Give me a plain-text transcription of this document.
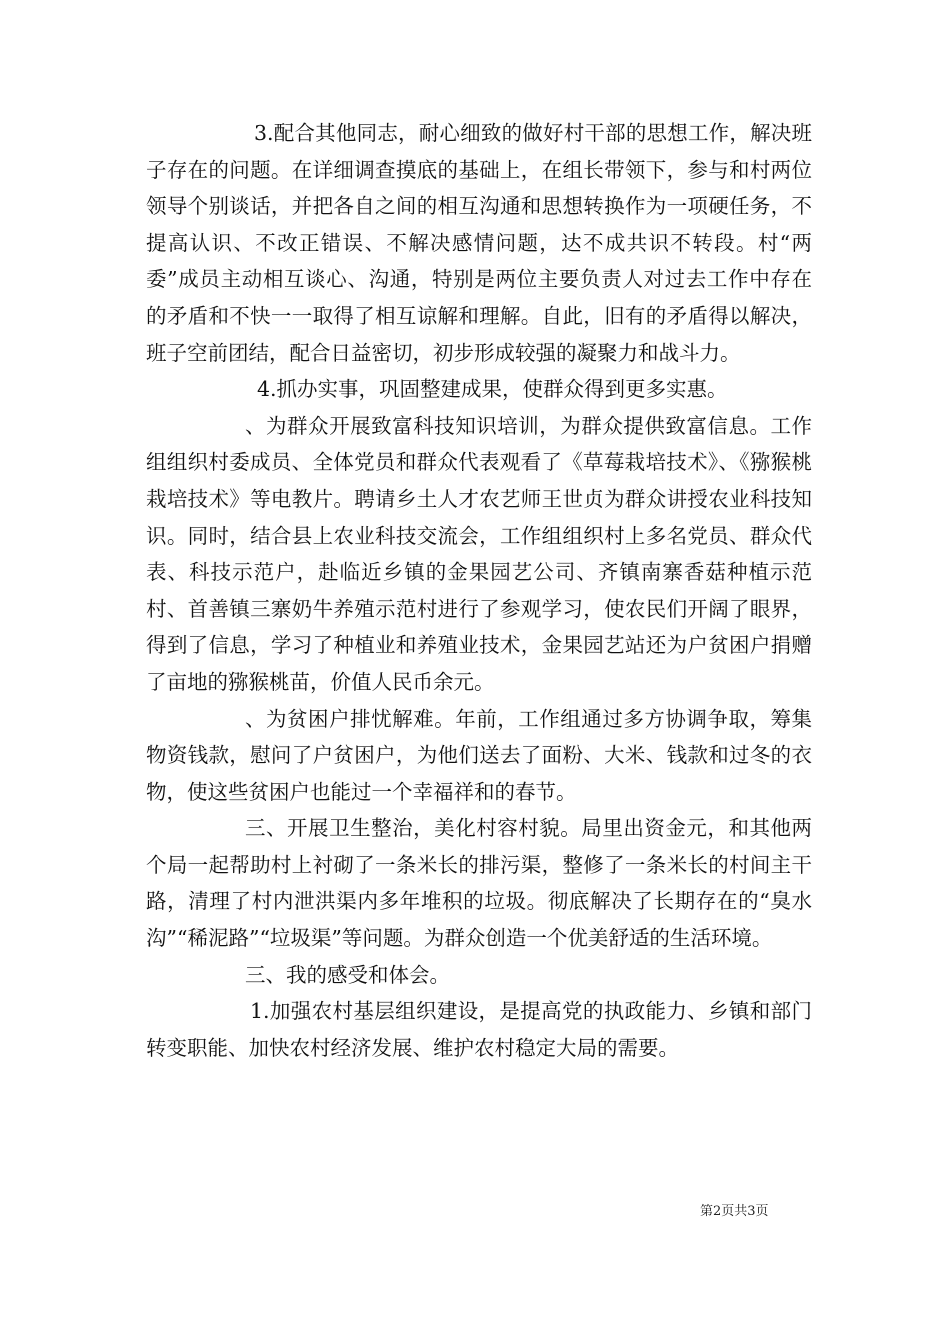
3.配合其他同志，耐心细致的做好村干部的思想工作，解决班子存在的问题。在详细调查摸底的基础上，在组长带领下，参与和村两位领导个别谈话，并把各自之间的相互沟通和思想转换作为一项硬任务，不提高认识、不改正错误、不解决感情问题，达不成共识不转段。村“两委”成员主动相互谈心、沟通，特别是两位主要负责人对过去工作中存在的矛盾和不快一一取得了相互谅解和理解。自此，旧有的矛盾得以解决，班子空前团结，配合日益密切，初步形成较强的凝聚力和战斗力。

4.抓办实事，巩固整建成果，使群众得到更多实惠。

、为群众开展致富科技知识培训，为群众提供致富信息。工作组组织村委成员、全体党员和群众代表观看了《草莓栽培技术》、《猕猴桃栽培技术》等电教片。聘请乡土人才农艺师王世贞为群众讲授农业科技知识。同时，结合县上农业科技交流会，工作组组织村上多名党员、群众代表、科技示范户，赴临近乡镇的金果园艺公司、齐镇南寨香菇种植示范村、首善镇三寨奶牛养殖示范村进行了参观学习，使农民们开阔了眼界，得到了信息，学习了种植业和养殖业技术，金果园艺站还为户贫困户捐赠了亩地的猕猴桃苗，价值人民币余元。

、为贫困户排忧解难。年前，工作组通过多方协调争取，筹集物资钱款，慰问了户贫困户，为他们送去了面粉、大米、钱款和过冬的衣物，使这些贫困户也能过一个幸福祥和的春节。

三、开展卫生整治，美化村容村貌。局里出资金元，和其他两个局一起帮助村上衬砌了一条米长的排污渠，整修了一条米长的村间主干路，清理了村内泄洪渠内多年堆积的垃圾。彻底解决了长期存在的“臭水沟”“稀泥路”“垃圾渠”等问题。为群众创造一个优美舒适的生活环境。

三、我的感受和体会。

1.加强农村基层组织建设，是提高党的执政能力、乡镇和部门转变职能、加快农村经济发展、维护农村稳定大局的需要。

第2页共3页
